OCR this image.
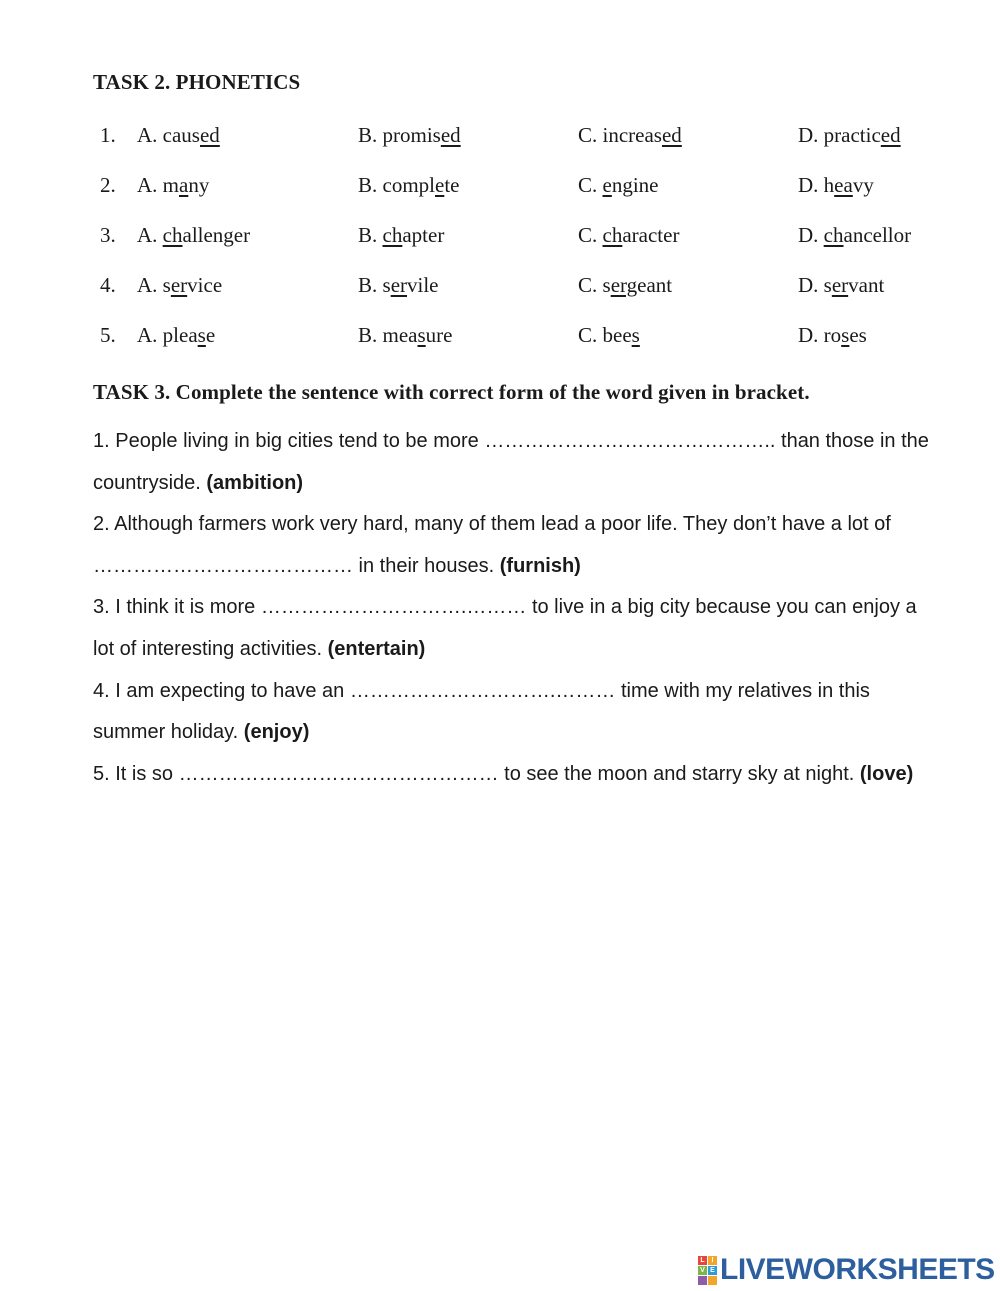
TASK 2. PHONETICS
1. A. caused	B. promised	C. increased	D. practiced
2. A. many	B. complete	C. engine	D. heavy
3. A. challenger	B. chapter	C. character	D. chancellor
4. A. service	B. servile	C. sergeant	D. servant
5. A. please	B. measure	C. bees	D. roses
TASK 3. Complete the sentence with correct form of the word given in bracket.

1. People living in big cities tend to be more …………………………………….. than those in the countryside. (ambition)

2. Although farmers work very hard, many of them lead a poor life. They don’t have a lot of ………………………………… in their houses. (furnish)

3. I think it is more ………………………….……… to live in a big city because you can enjoy a lot of interesting activities. (entertain)

4. I am expecting to have an ………………………….……… time with my relatives in this summer holiday. (enjoy)

5. It is so ………………………………………… to see the moon and starry sky at night. (love)

L I
V E LIVEWORKSHEETS
